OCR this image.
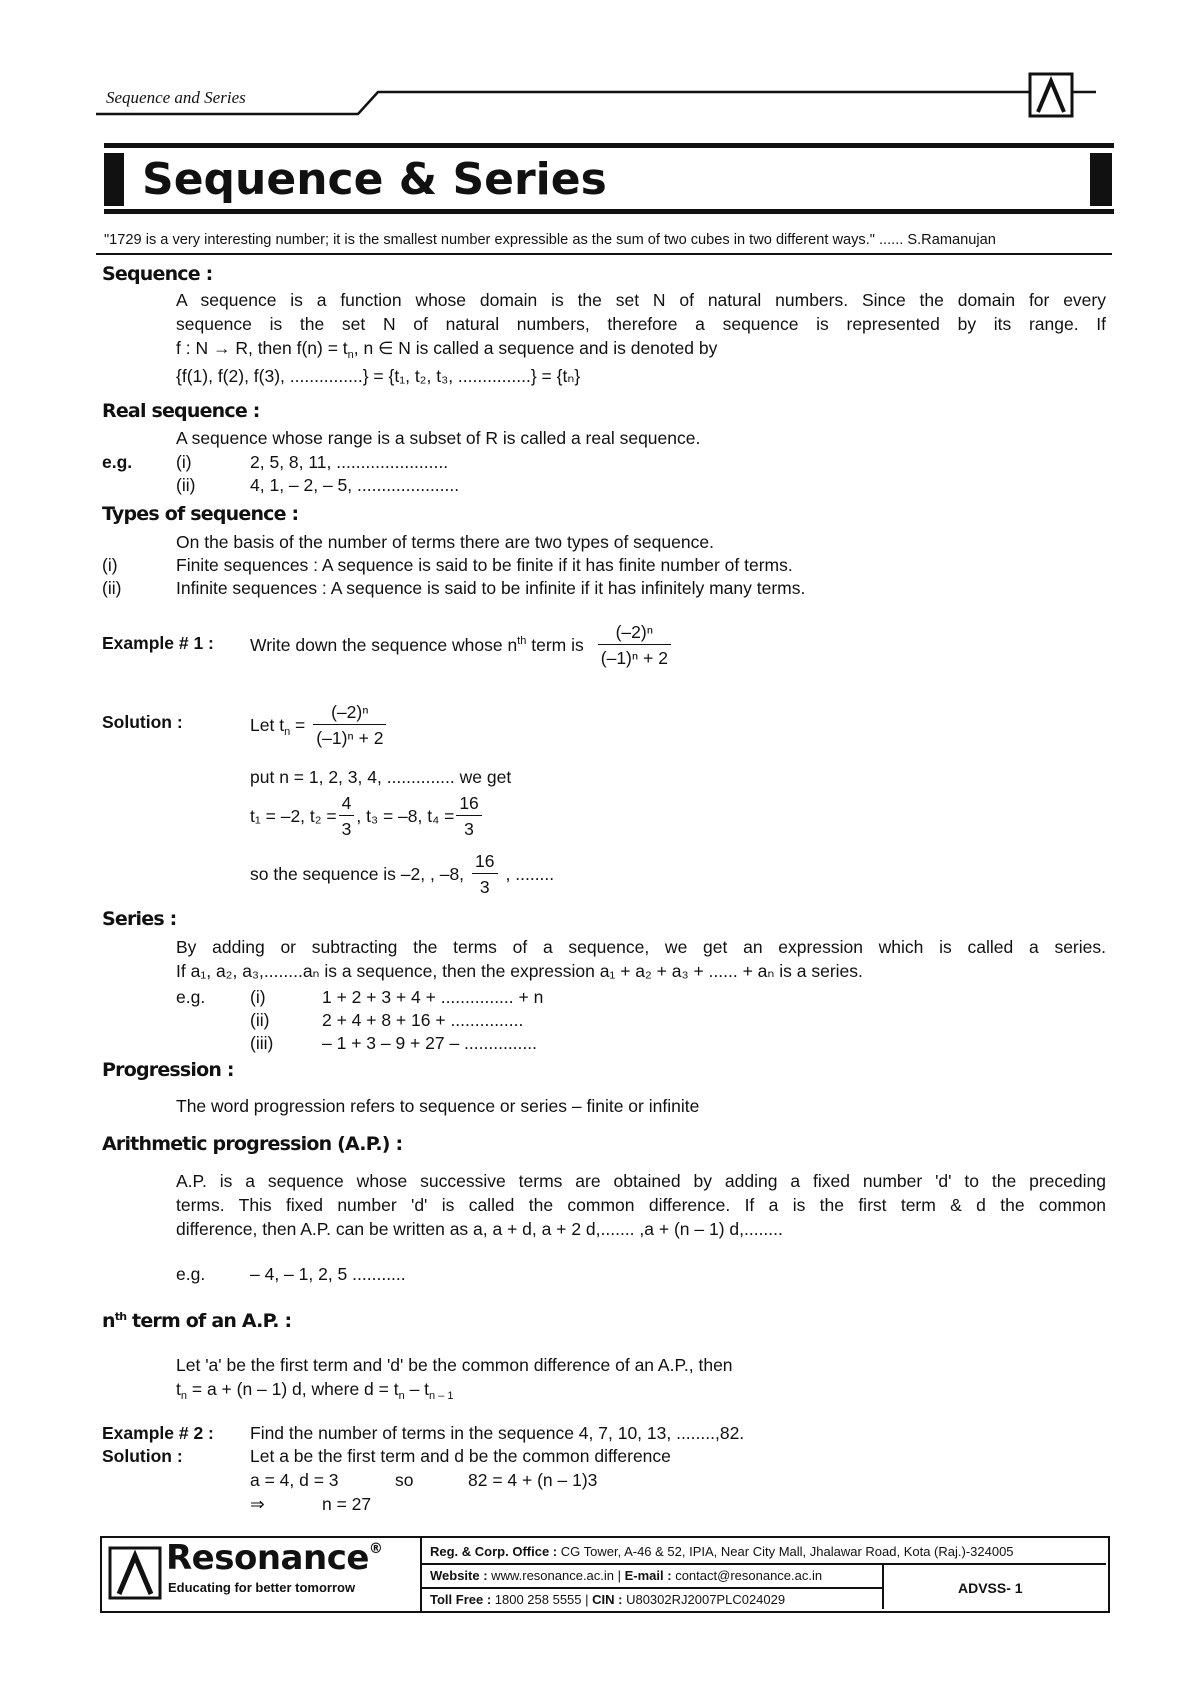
Sequence and Series
Sequence & Series
"1729 is a very interesting number; it is the smallest number expressible as the sum of two cubes in two different ways." ...... S.Ramanujan
Sequence :
A sequence is a function whose domain is the set N of natural numbers. Since the domain for every
sequence is the set N of natural numbers, therefore a sequence is represented by its range. If
f : N → R, then $f(n) = t_n$, n ∈ N is called a sequence and is denoted by
{f(1), f(2), f(3), ...............} = {t₁, t₂, t₃, ...............} = {tₙ}
Real sequence :
A sequence whose range is a subset of R is called a real sequence.
e.g.	(i)	2, 5, 8, 11, .......................
(ii)	4, 1, – 2, – 5, .....................
Types of sequence :
On the basis of the number of terms there are two types of sequence.
(i)	Finite sequences : A sequence is said to be finite if it has finite number of terms.
(ii)	Infinite sequences : A sequence is said to be infinite if it has infinitely many terms.
Example # 1 : Write down the sequence whose $n^{th}$ term is $\frac{\text{(–2)ⁿ}}{\text{(–1)ⁿ + 2}}$
Solution :	Let $t_n = \frac{\text{(–2)ⁿ}}{\text{(–1)ⁿ + 2}}$
put n = 1, 2, 3, 4, .............. we get
t₁ = –2, $t_2 = \frac{4}{3}$ , t₃ = –8, $t_4 = \frac{16}{3}$
so the sequence is –2, , –8, $\frac{16}{3}$ , ........
Series :
By adding or subtracting the terms of a sequence, we get an expression which is called a series.
If a₁, a₂, a₃,........aₙ is a sequence, then the expression a₁ + a₂ + a₃ + ...... + aₙ is a series.
e.g.	(i)	1 + 2 + 3 + 4 + ............... + n
(ii)	2 + 4 + 8 + 16 + ...............
(iii)	– 1 + 3 – 9 + 27 – ...............
Progression :
The word progression refers to sequence or series – finite or infinite
Arithmetic progression (A.P.) :
A.P. is a sequence whose successive terms are obtained by adding a fixed number 'd' to the preceding
terms. This fixed number 'd' is called the common difference. If a is the first term & d the common
difference, then A.P. can be written as a, a + d, a + 2 d,....... ,a + (n – 1) d,........
e.g.	– 4, – 1, 2, 5 ...........
$n^{th}$ term of an A.P. :
Let 'a' be the first term and 'd' be the common difference of an A.P., then
$t_n = a + (n - 1)$ d, where $d = t_n - t_{n - 1}$
Example # 2 : Find the number of terms in the sequence 4, 7, 10, 13, ........,82.
Solution :	Let a be the first term and d be the common difference
a = 4, d = 3	so	82 = 4 + (n – 1)3
⇒	n = 27
Resonance®
Educating for better tomorrow
Reg. & Corp. Office : CG Tower, A-46 & 52, IPIA, Near City Mall, Jhalawar Road, Kota (Raj.)-324005
Website : www.resonance.ac.in | E-mail : contact@resonance.ac.in
Toll Free : 1800 258 5555 | CIN : U80302RJ2007PLC024029
ADVSS- 1
